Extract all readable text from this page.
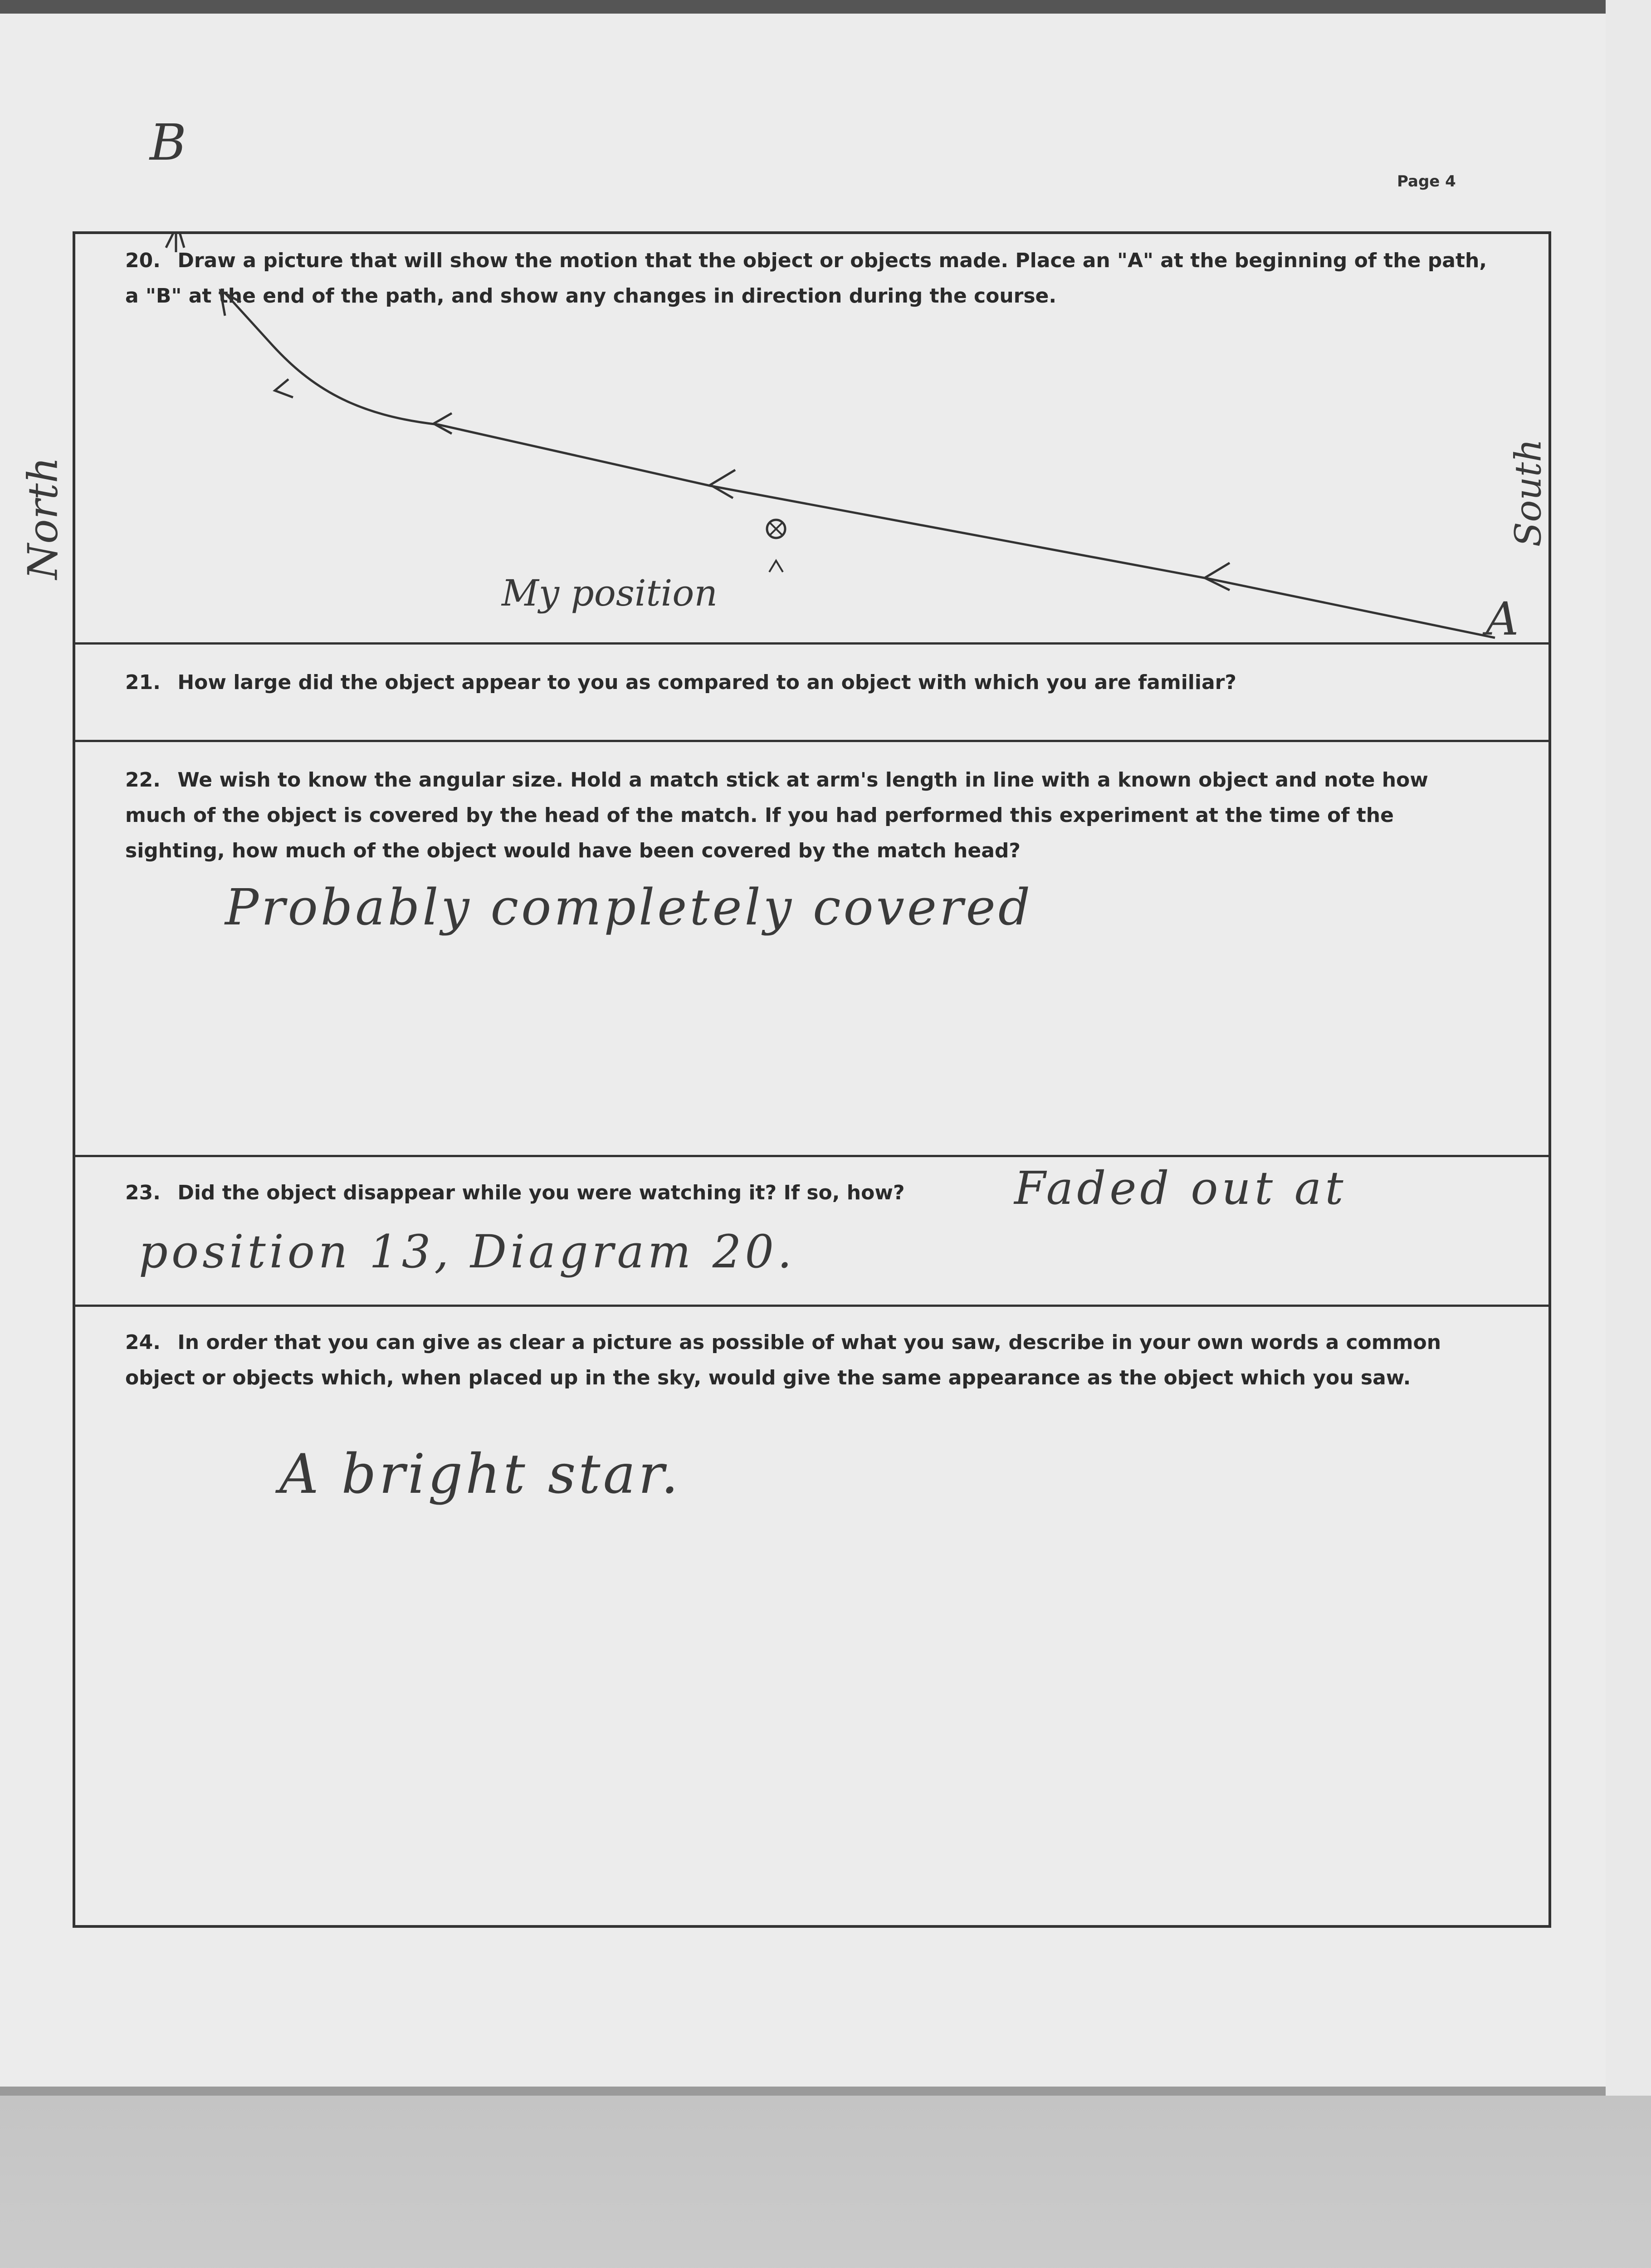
Page 4
B
North	South
20. Draw a picture that will show the motion that the object or objects made. Place an "A" at the beginning of the path, a "B" at the end of the path, and show any changes in direction during the course.
My position	A
21. How large did the object appear to you as compared to an object with which you are familiar?
22. We wish to know the angular size. Hold a match stick at arm's length in line with a known object and note how much of the object is covered by the head of the match. If you had performed this experiment at the time of the sighting, how much of the object would have been covered by the match head?
Probably completely covered
23. Did the object disappear while you were watching it? If so, how?	Faded out at
position 13, Diagram 20.
24. In order that you can give as clear a picture as possible of what you saw, describe in your own words a common object or objects which, when placed up in the sky, would give the same appearance as the object which you saw.
A bright star.
